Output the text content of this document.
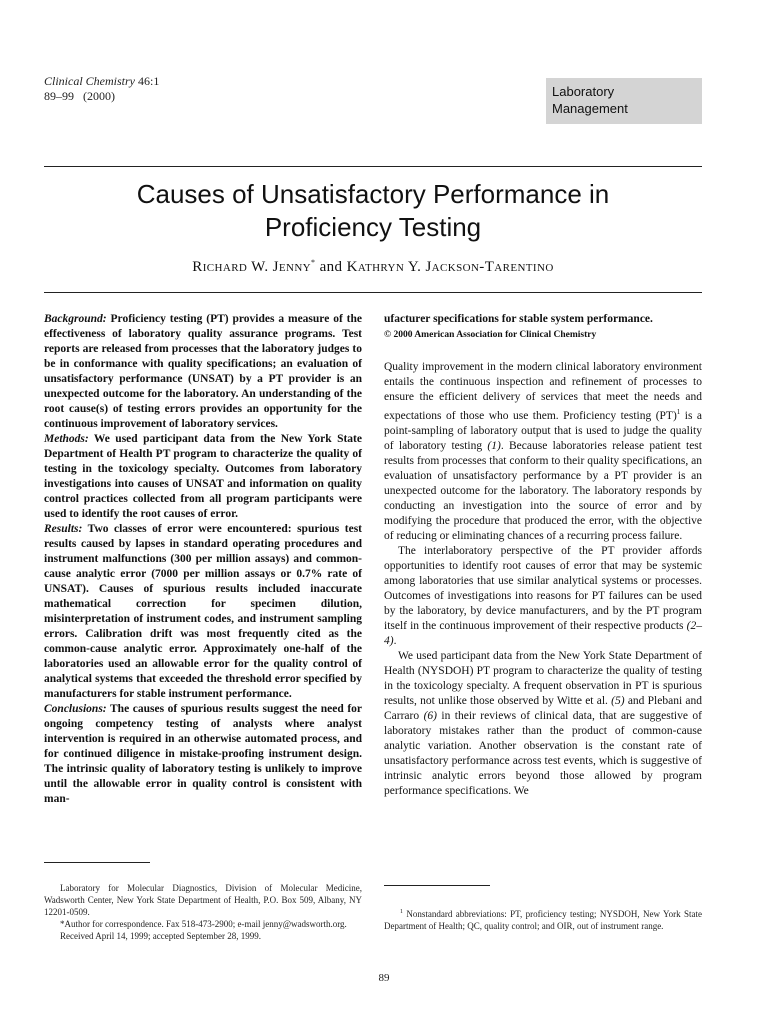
Clinical Chemistry 46:1
89–99   (2000)	Laboratory
Management
Causes of Unsatisfactory Performance in
Proficiency Testing
Richard W. Jenny* and Kathryn Y. Jackson-Tarentino

Background: Proficiency testing (PT) provides a measure of the effectiveness of laboratory quality assurance programs. Test reports are released from processes that the laboratory judges to be in conformance with quality specifications; an evaluation of unsatisfactory performance (UNSAT) by a PT provider is an unexpected outcome for the laboratory. An understanding of the root cause(s) of testing errors provides an opportunity for the continuous improvement of laboratory services.

Methods: We used participant data from the New York State Department of Health PT program to characterize the quality of testing in the toxicology specialty. Outcomes from laboratory investigations into causes of UNSAT and information on quality control practices collected from all program participants were used to identify the root causes of error.

Results: Two classes of error were encountered: spurious test results caused by lapses in standard operating procedures and instrument malfunctions (300 per million assays) and common-cause analytic error (7000 per million assays or 0.7% rate of UNSAT). Causes of spurious results included inaccurate mathematical correction for specimen dilution, misinterpretation of instrument codes, and instrument sampling errors. Calibration drift was most frequently cited as the common-cause analytic error. Approximately one-half of the laboratories used an allowable error for the quality control of analytical systems that exceeded the threshold error specified by manufacturers for stable instrument performance.

Conclusions: The causes of spurious results suggest the need for ongoing competency testing of analysts where analyst intervention is required in an otherwise automated process, and for continued diligence in mistake-proofing instrument design. The intrinsic quality of laboratory testing is unlikely to improve until the allowable error in quality control is consistent with man-

ufacturer specifications for stable system performance.

© 2000 American Association for Clinical Chemistry

Quality improvement in the modern clinical laboratory environment entails the continuous inspection and refinement of processes to ensure the efficient delivery of services that meet the needs and expectations of those who use them. Proficiency testing (PT)$^1$ is a point-sampling of laboratory output that is used to judge the quality of laboratory testing (1). Because laboratories release patient test results from processes that conform to their quality specifications, an evaluation of unsatisfactory performance by a PT provider is an unexpected outcome for the laboratory. The laboratory responds by conducting an investigation into the source of error and by modifying the procedure that produced the error, with the objective of reducing or eliminating chances of a recurring process failure.

The interlaboratory perspective of the PT provider affords opportunities to identify root causes of error that may be systemic among laboratories that use similar analytical systems or processes. Outcomes of investigations into reasons for PT failures can be used by the laboratory, by device manufacturers, and by the PT program itself in the continuous improvement of their respective products (2–4).

We used participant data from the New York State Department of Health (NYSDOH) PT program to characterize the quality of testing in the toxicology specialty. A frequent observation in PT is spurious results, not unlike those observed by Witte et al. (5) and Plebani and Carraro (6) in their reviews of clinical data, that are suggestive of laboratory mistakes rather than the product of common-cause analytic variation. Another observation is the constant rate of unsatisfactory performance across test events, which is suggestive of intrinsic analytic errors beyond those allowed by program performance specifications. We

Laboratory for Molecular Diagnostics, Division of Molecular Medicine, Wadsworth Center, New York State Department of Health, P.O. Box 509, Albany, NY 12201-0509.

*Author for correspondence. Fax 518-473-2900; e-mail jenny@wadsworth.org.

Received April 14, 1999; accepted September 28, 1999.

$^1$ Nonstandard abbreviations: PT, proficiency testing; NYSDOH, New York State Department of Health; QC, quality control; and OIR, out of instrument range.

89
